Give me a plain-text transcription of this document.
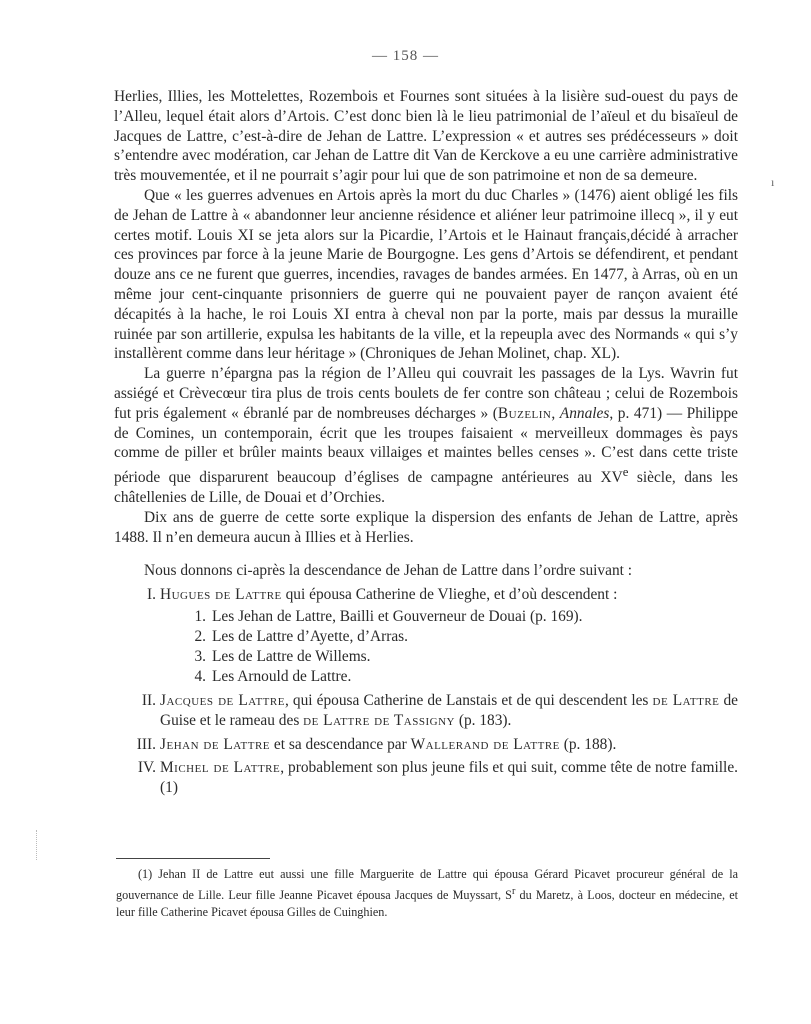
— 158 —
ı

Herlies, Illies, les Mottelettes, Rozembois et Fournes sont situées à la lisière sud-ouest du pays de l’Alleu, lequel était alors d’Artois. C’est donc bien là le lieu patrimonial de l’aïeul et du bisaïeul de Jacques de Lattre, c’est-à-dire de Jehan de Lattre. L’expression « et autres ses prédécesseurs » doit s’entendre avec modération, car Jehan de Lattre dit Van de Kerckove a eu une carrière administrative très mouvementée, et il ne pourrait s’agir pour lui que de son patrimoine et non de sa demeure.

Que « les guerres advenues en Artois après la mort du duc Charles » (1476) aient obligé les fils de Jehan de Lattre à « abandonner leur ancienne résidence et aliéner leur patrimoine illecq », il y eut certes motif. Louis XI se jeta alors sur la Picardie, l’Artois et le Hainaut français,décidé à arracher ces provinces par force à la jeune Marie de Bourgogne. Les gens d’Artois se défendirent, et pendant douze ans ce ne furent que guerres, incendies, ravages de bandes armées. En 1477, à Arras, où en un même jour cent-cinquante prisonniers de guerre qui ne pouvaient payer de rançon avaient été décapités à la hache, le roi Louis XI entra à cheval non par la porte, mais par dessus la muraille ruinée par son artillerie, expulsa les habitants de la ville, et la repeupla avec des Normands « qui s’y installèrent comme dans leur héritage » (Chroniques de Jehan Molinet, chap. XL).

La guerre n’épargna pas la région de l’Alleu qui couvrait les passages de la Lys. Wavrin fut assiégé et Crèvecœur tira plus de trois cents boulets de fer contre son château ; celui de Rozembois fut pris également « ébranlé par de nombreuses décharges » (Buzelin, Annales, p. 471) — Philippe de Comines, un contemporain, écrit que les troupes faisaient « merveilleux dommages ès pays comme de piller et brûler maints beaux villaiges et maintes belles censes ». C’est dans cette triste période que disparurent beaucoup d’églises de campagne antérieures au XVe siècle, dans les châtellenies de Lille, de Douai et d’Orchies.

Dix ans de guerre de cette sorte explique la dispersion des enfants de Jehan de Lattre, après 1488. Il n’en demeura aucun à Illies et à Herlies.

Nous donnons ci-après la descendance de Jehan de Lattre dans l’ordre suivant :

I. Hugues de Lattre qui épousa Catherine de Vlieghe, et d’où descendent :
1. Les Jehan de Lattre, Bailli et Gouverneur de Douai (p. 169).
2. Les de Lattre d’Ayette, d’Arras.
3. Les de Lattre de Willems.
4. Les Arnould de Lattre.
II. Jacques de Lattre, qui épousa Catherine de Lanstais et de qui descendent les de Lattre de Guise et le rameau des de Lattre de Tassigny (p. 183).
III. Jehan de Lattre et sa descendance par Wallerand de Lattre (p. 188).
IV. Michel de Lattre, probablement son plus jeune fils et qui suit, comme tête de notre famille. (1)
(1) Jehan II de Lattre eut aussi une fille Marguerite de Lattre qui épousa Gérard Picavet procureur général de la gouvernance de Lille. Leur fille Jeanne Picavet épousa Jacques de Muyssart, $S^r$ du Maretz, à Loos, docteur en médecine, et leur fille Catherine Picavet épousa Gilles de Cuinghien.
